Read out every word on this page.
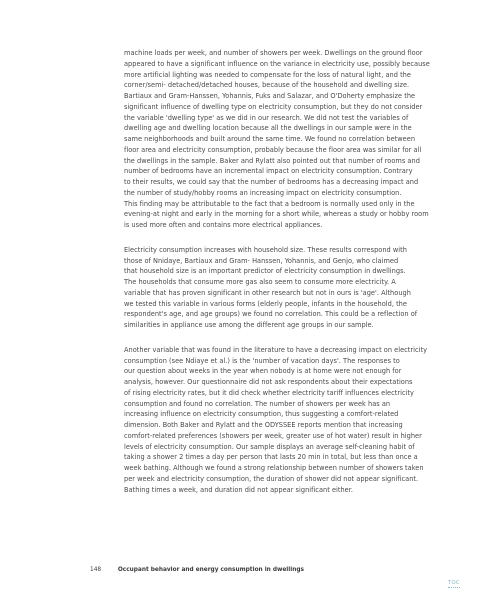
machine loads per week, and number of showers per week. Dwellings on the ground floor
appeared to have a significant influence on the variance in electricity use, possibly because
more artificial lighting was needed to compensate for the loss of natural light, and the
corner/semi- detached/detached houses, because of the household and dwelling size.
Bartiaux and Gram-Hanssen, Yohannis, Fuks and Salazar, and O'Doherty emphasize the
significant influence of dwelling type on electricity consumption, but they do not consider
the variable 'dwelling type' as we did in our research. We did not test the variables of
dwelling age and dwelling location because all the dwellings in our sample were in the
same neighborhoods and built around the same time. We found no correlation between
floor area and electricity consumption, probably because the floor area was similar for all
the dwellings in the sample. Baker and Rylatt also pointed out that number of rooms and
number of bedrooms have an incremental impact on electricity consumption. Contrary
to their results, we could say that the number of bedrooms has a decreasing impact and
the number of study/hobby rooms an increasing impact on electricity consumption.
This finding may be attributable to the fact that a bedroom is normally used only in the
evening-at night and early in the morning for a short while, whereas a study or hobby room
is used more often and contains more electrical appliances.
Electricity consumption increases with household size. These results correspond with
those of Nnidaye, Bartiaux and Gram- Hanssen, Yohannis, and Genjo, who claimed
that household size is an important predictor of electricity consumption in dwellings.
The households that consume more gas also seem to consume more electricity. A
variable that has proven significant in other research but not in ours is 'age'. Although
we tested this variable in various forms (elderly people, infants in the household, the
respondent's age, and age groups) we found no correlation. This could be a reflection of
similarities in appliance use among the different age groups in our sample.
Another variable that was found in the literature to have a decreasing impact on electricity
consumption (see Ndiaye et al.) is the 'number of vacation days'. The responses to
our question about weeks in the year when nobody is at home were not enough for
analysis, however. Our questionnaire did not ask respondents about their expectations
of rising electricity rates, but it did check whether electricity tariff influences electricity
consumption and found no correlation. The number of showers per week has an
increasing influence on electricity consumption, thus suggesting a comfort-related
dimension. Both Baker and Rylatt and the ODYSSEE reports mention that increasing
comfort-related preferences (showers per week, greater use of hot water) result in higher
levels of electricity consumption. Our sample displays an average self-cleaning habit of
taking a shower 2 times a day per person that lasts 20 min in total, but less than once a
week bathing. Although we found a strong relationship between number of showers taken
per week and electricity consumption, the duration of shower did not appear significant.
Bathing times a week, and duration did not appear significant either.
148	Occupant behavior and energy consumption in dwellings
TOC
